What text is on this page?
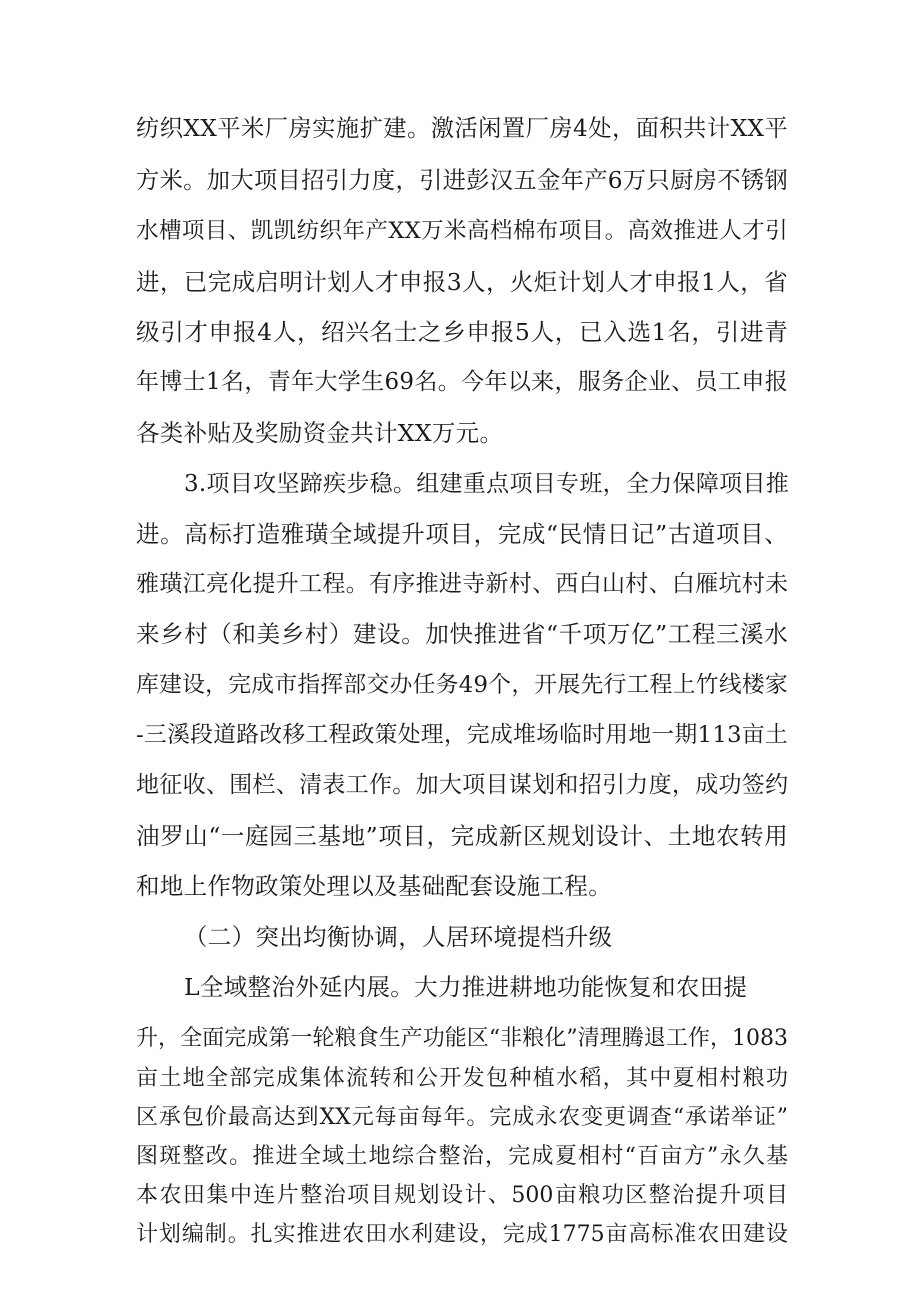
纺织XX平米厂房实施扩建。激活闲置厂房4处，面积共计XX平
方米。加大项目招引力度，引进彭汉五金年产6万只厨房不锈钢
水槽项目、凯凯纺织年产XX万米高档棉布项目。高效推进人才引
进，已完成启明计划人才申报3人，火炬计划人才申报1人，省
级引才申报4人，绍兴名士之乡申报5人，已入选1名，引进青
年博士1名，青年大学生69名。今年以来，服务企业、员工申报
各类补贴及奖励资金共计XX万元。
3.项目攻坚蹄疾步稳。组建重点项目专班，全力保障项目推
进。高标打造雅璜全域提升项目，完成“民情日记”古道项目、
雅璜江亮化提升工程。有序推进寺新村、西白山村、白雁坑村未
来乡村（和美乡村）建设。加快推进省“千项万亿”工程三溪水
库建设，完成市指挥部交办任务49个，开展先行工程上竹线楼家
-三溪段道路改移工程政策处理，完成堆场临时用地一期113亩土
地征收、围栏、清表工作。加大项目谋划和招引力度，成功签约
油罗山“一庭园三基地”项目，完成新区规划设计、土地农转用
和地上作物政策处理以及基础配套设施工程。
（二）突出均衡协调，人居环境提档升级
L全域整治外延内展。大力推进耕地功能恢复和农田提
升，全面完成第一轮粮食生产功能区“非粮化”清理腾退工作，1083
亩土地全部完成集体流转和公开发包种植水稻，其中夏相村粮功
区承包价最高达到XX元每亩每年。完成永农变更调查“承诺举证”
图斑整改。推进全域土地综合整治，完成夏相村“百亩方”永久基
本农田集中连片整治项目规划设计、500亩粮功区整治提升项目
计划编制。扎实推进农田水利建设，完成1775亩高标准农田建设
